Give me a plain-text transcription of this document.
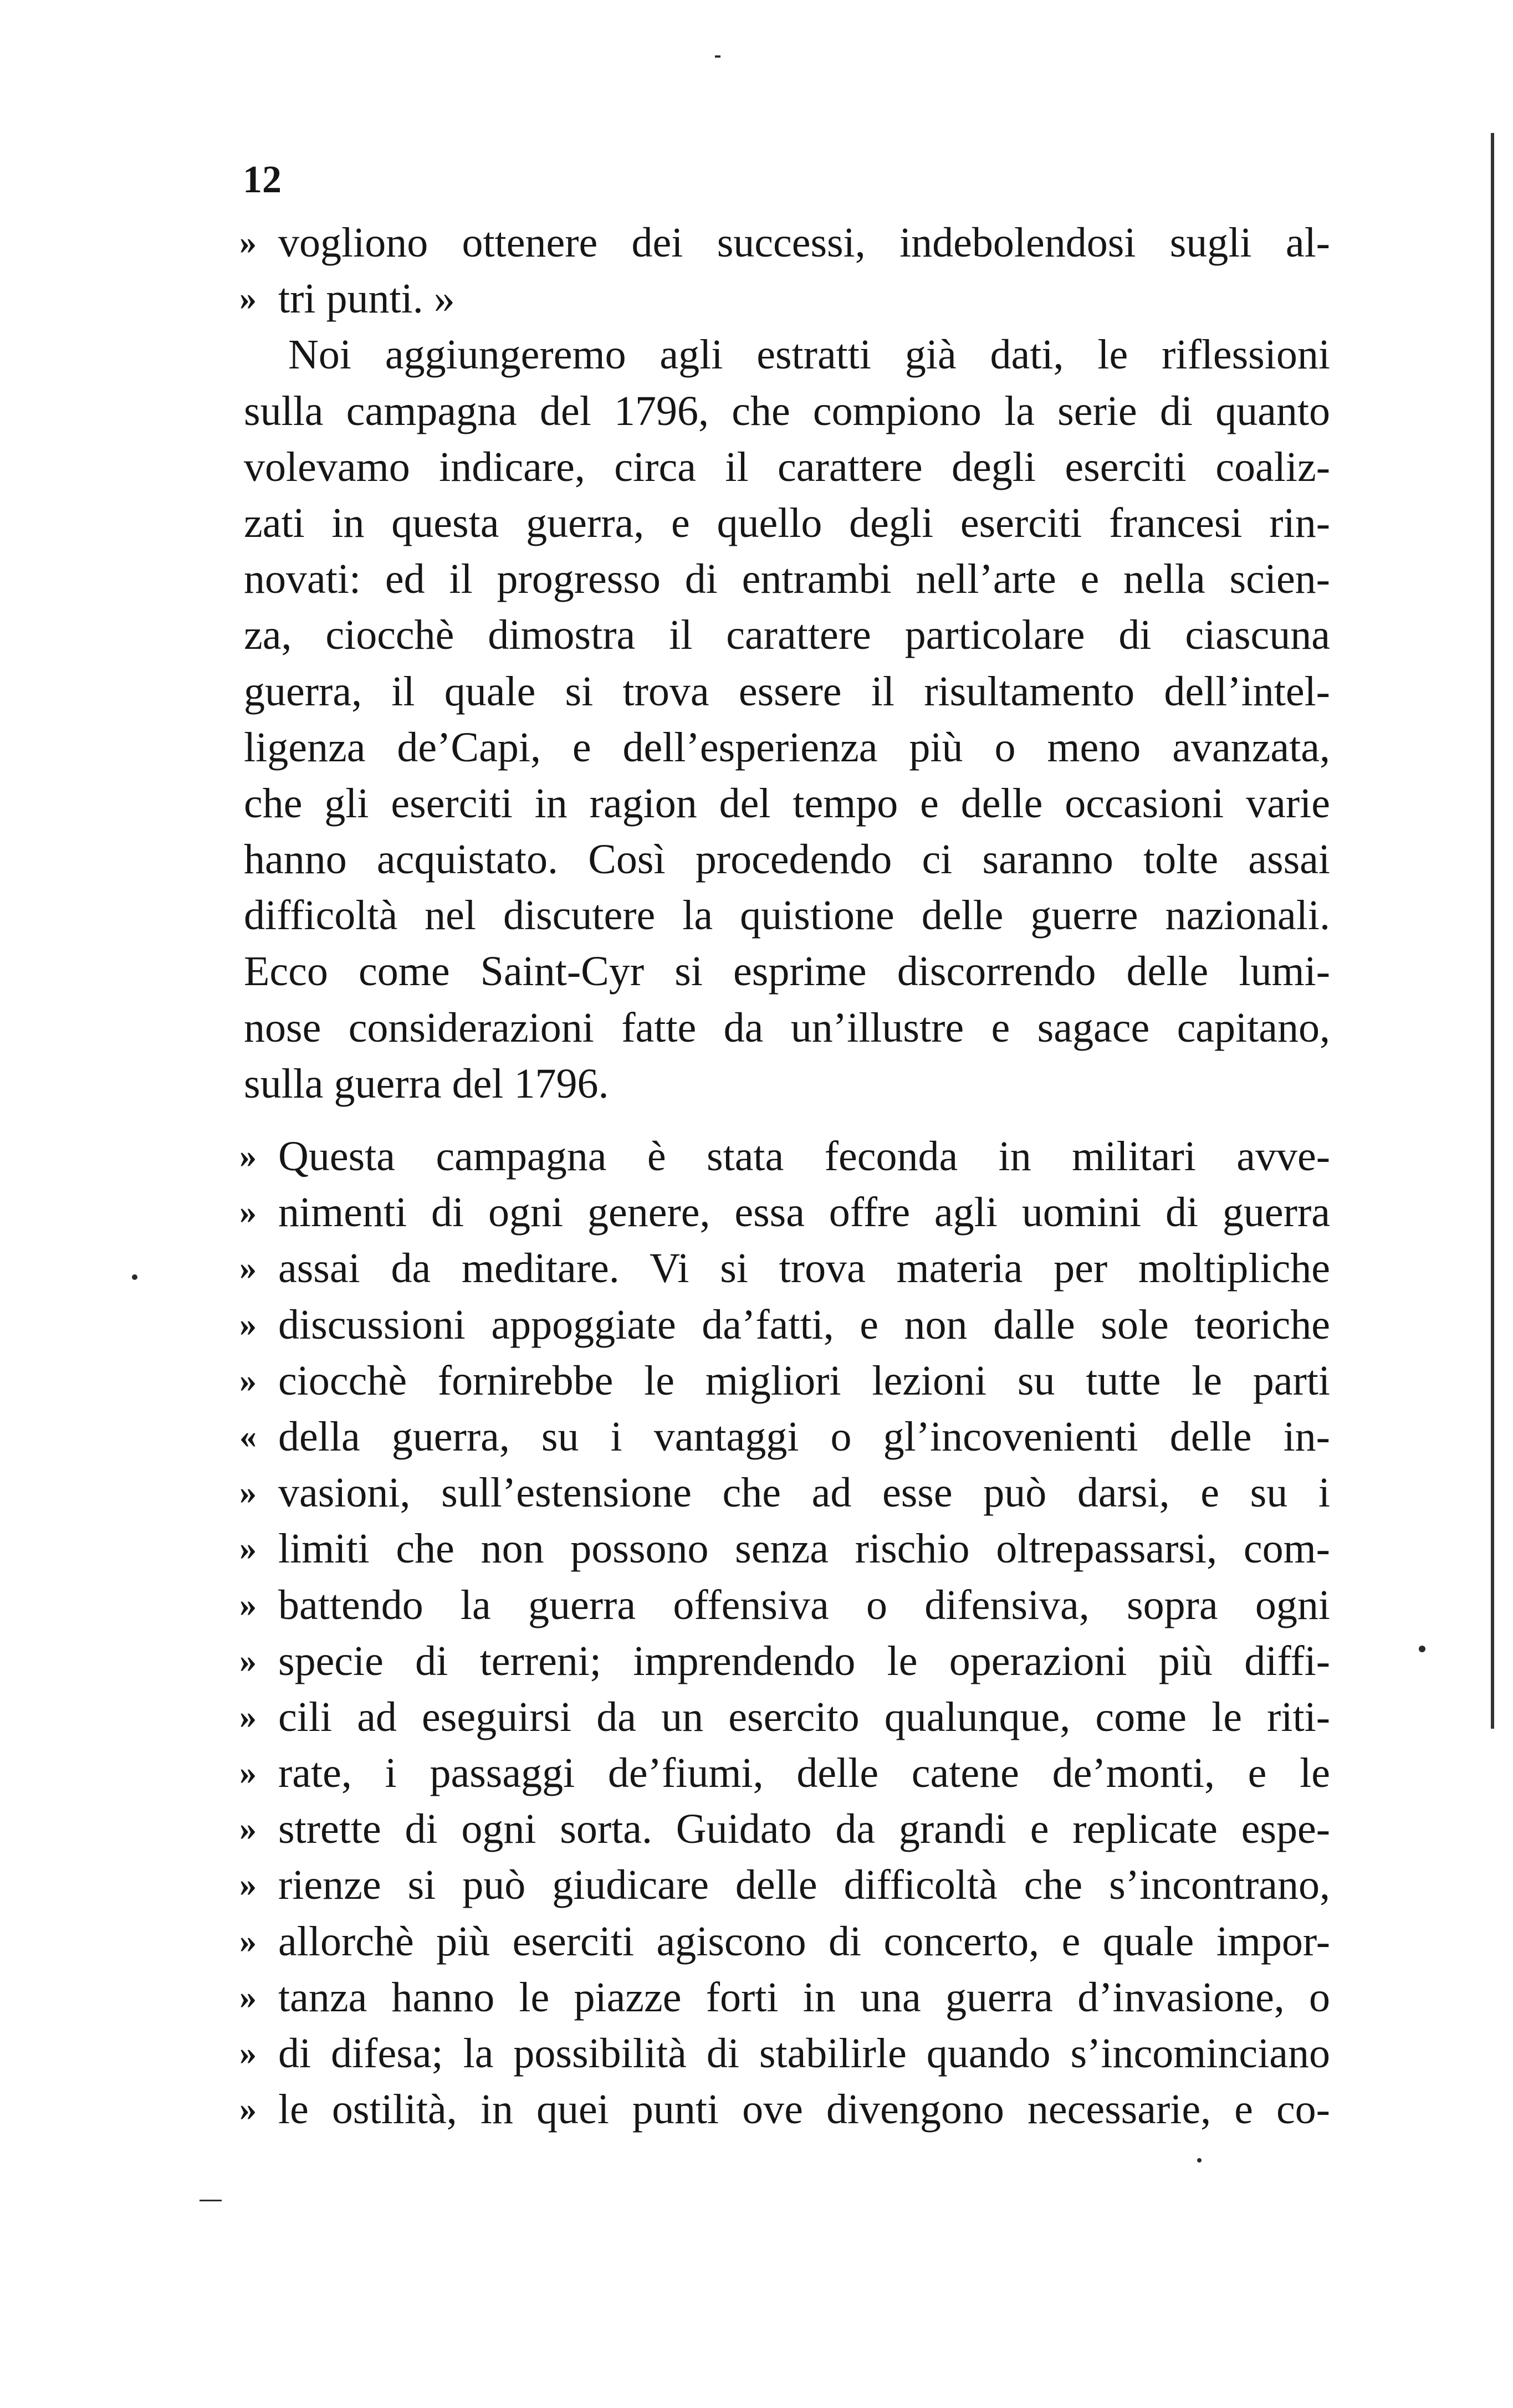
12
» vogliono ottenere dei successi, indebolendosi sugli al-
» tri punti. »
Noi aggiungeremo agli estratti già dati, le riflessioni
sulla campagna del 1796, che compiono la serie di quanto
volevamo indicare, circa il carattere degli eserciti coaliz-
zati in questa guerra, e quello degli eserciti francesi rin-
novati: ed il progresso di entrambi nell’arte e nella scien-
za, ciocchè dimostra il carattere particolare di ciascuna
guerra, il quale si trova essere il risultamento dell’intel-
ligenza de’Capi, e dell’esperienza più o meno avanzata,
che gli eserciti in ragion del tempo e delle occasioni varie
hanno acquistato. Così procedendo ci saranno tolte assai
difficoltà nel discutere la quistione delle guerre nazionali.
Ecco come Saint-Cyr si esprime discorrendo delle lumi-
nose considerazioni fatte da un’illustre e sagace capitano,
sulla guerra del 1796.
» Questa campagna è stata feconda in militari avve-
» nimenti di ogni genere, essa offre agli uomini di guerra
» assai da meditare. Vi si trova materia per moltipliche
» discussioni appoggiate da’fatti, e non dalle sole teoriche
» ciocchè fornirebbe le migliori lezioni su tutte le parti
« della guerra, su i vantaggi o gl’incovenienti delle in-
» vasioni, sull’estensione che ad esse può darsi, e su i
» limiti che non possono senza rischio oltrepassarsi, com-
» battendo la guerra offensiva o difensiva, sopra ogni
» specie di terreni; imprendendo le operazioni più diffi-
» cili ad eseguirsi da un esercito qualunque, come le riti-
» rate, i passaggi de’fiumi, delle catene de’monti, e le
» strette di ogni sorta. Guidato da grandi e replicate espe-
» rienze si può giudicare delle difficoltà che s’incontrano,
» allorchè più eserciti agiscono di concerto, e quale impor-
» tanza hanno le piazze forti in una guerra d’invasione, o
» di difesa; la possibilità di stabilirle quando s’incominciano
» le ostilità, in quei punti ove divengono necessarie, e co-
